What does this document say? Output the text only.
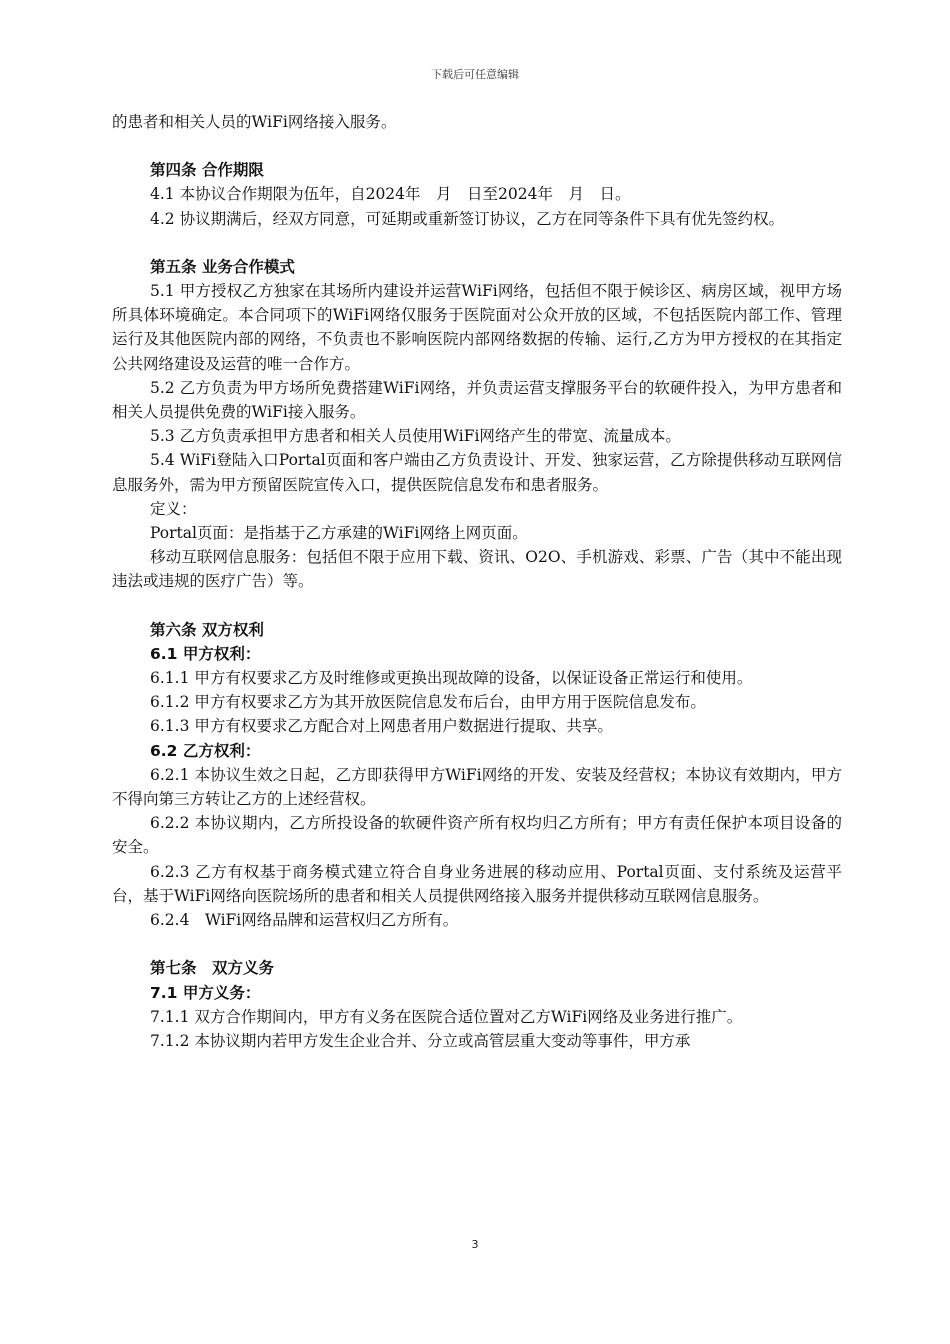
下载后可任意编辑

的患者和相关人员的WiFi网络接入服务。

第四条 合作期限

4.1 本协议合作期限为伍年，自2024年　月　日至2024年　月　日。

4.2 协议期满后，经双方同意，可延期或重新签订协议，乙方在同等条件下具有优先签约权。

第五条 业务合作模式

5.1 甲方授权乙方独家在其场所内建设并运营WiFi网络，包括但不限于候诊区、病房区域，视甲方场所具体环境确定。本合同项下的WiFi网络仅服务于医院面对公众开放的区域，不包括医院内部工作、管理运行及其他医院内部的网络，不负责也不影响医院内部网络数据的传输、运行,乙方为甲方授权的在其指定公共网络建设及运营的唯一合作方。

5.2 乙方负责为甲方场所免费搭建WiFi网络，并负责运营支撑服务平台的软硬件投入，为甲方患者和相关人员提供免费的WiFi接入服务。

5.3 乙方负责承担甲方患者和相关人员使用WiFi网络产生的带宽、流量成本。

5.4 WiFi登陆入口Portal页面和客户端由乙方负责设计、开发、独家运营，乙方除提供移动互联网信息服务外，需为甲方预留医院宣传入口，提供医院信息发布和患者服务。

定义：

Portal页面：是指基于乙方承建的WiFi网络上网页面。

移动互联网信息服务：包括但不限于应用下载、资讯、O2O、手机游戏、彩票、广告（其中不能出现违法或违规的医疗广告）等。

第六条 双方权利

6.1 甲方权利：

6.1.1 甲方有权要求乙方及时维修或更换出现故障的设备，以保证设备正常运行和使用。

6.1.2 甲方有权要求乙方为其开放医院信息发布后台，由甲方用于医院信息发布。

6.1.3 甲方有权要求乙方配合对上网患者用户数据进行提取、共享。

6.2 乙方权利：

6.2.1 本协议生效之日起，乙方即获得甲方WiFi网络的开发、安装及经营权；本协议有效期内，甲方不得向第三方转让乙方的上述经营权。

6.2.2 本协议期内，乙方所投设备的软硬件资产所有权均归乙方所有；甲方有责任保护本项目设备的安全。

6.2.3 乙方有权基于商务模式建立符合自身业务进展的移动应用、Portal页面、支付系统及运营平台，基于WiFi网络向医院场所的患者和相关人员提供网络接入服务并提供移动互联网信息服务。

6.2.4　WiFi网络品牌和运营权归乙方所有。

第七条　双方义务

7.1 甲方义务：

7.1.1 双方合作期间内，甲方有义务在医院合适位置对乙方WiFi网络及业务进行推广。

7.1.2 本协议期内若甲方发生企业合并、分立或高管层重大变动等事件，甲方承

3
